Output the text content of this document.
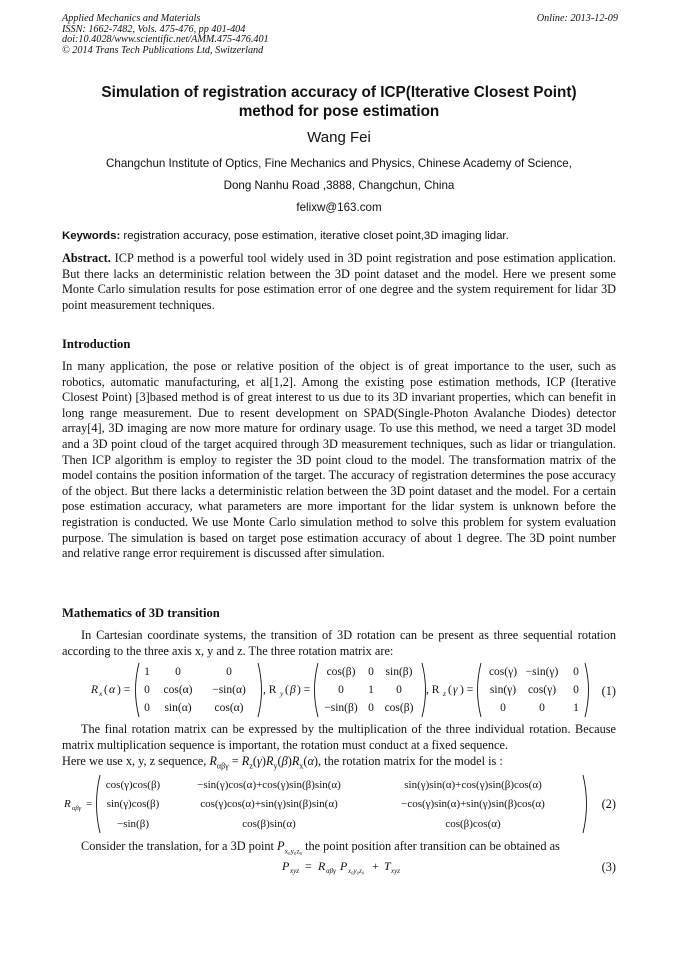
Applied Mechanics and Materials
ISSN: 1662-7482, Vols. 475-476, pp 401-404
doi:10.4028/www.scientific.net/AMM.475-476.401
© 2014 Trans Tech Publications Ltd, Switzerland
Online: 2013-12-09
Simulation of registration accuracy of ICP(Iterative Closest Point)
method for pose estimation
Wang Fei
Changchun Institute of Optics, Fine Mechanics and Physics, Chinese Academy of Science,
Dong Nanhu Road ,3888, Changchun, China
felixw@163.com
Keywords: registration accuracy, pose estimation, iterative closet point,3D imaging lidar.
Abstract. ICP method is a powerful tool widely used in 3D point registration and pose estimation application. But there lacks an deterministic relation between the 3D point dataset and the model. Here we present some Monte Carlo simulation results for pose estimation error of one degree and the system requirement for lidar 3D point measurement techniques.
Introduction
In many application, the pose or relative position of the object is of great importance to the user, such as robotics, automatic manufacturing, et al[1,2]. Among the existing pose estimation methods, ICP (Iterative Closest Point) [3]based method is of great interest to us due to its 3D invariant properties, which can benefit in long range measurement. Due to resent development on SPAD(Single-Photon Avalanche Diodes) detector array[4], 3D imaging are now more mature for ordinary usage. To use this method, we need a target 3D model and a 3D point cloud of the target acquired through 3D measurement techniques, such as lidar or triangulation. Then ICP algorithm is employ to register the 3D point cloud to the model. The transformation matrix of the model contains the position information of the target. The accuracy of registration determines the pose accuracy of the object. But there lacks a deterministic relation between the 3D point dataset and the model. For a certain pose estimation accuracy, what parameters are more important for the lidar system is unknown before the registration is conducted. We use Monte Carlo simulation method to solve this problem for system evaluation purpose. The simulation is based on target pose estimation accuracy of about 1 degree. The 3D point number and relative range error requirement is discussed after simulation.
Mathematics of 3D transition
In Cartesian coordinate systems, the transition of 3D rotation can be present as three sequential rotation according to the three axis x, y and z. The three rotation matrix are:
R x ( α ) =
1 0	0
0 cos(α) −sin(α)
0 sin(α) cos(α)
, R y ( β ) =
cos(β) 0 sin(β)
0 1 0
−sin(β) 0 cos(β)
, R z ( γ ) =
cos(γ) −sin(γ) 0
sin(γ) cos(γ) 0
0	0 1
(1)
The final rotation matrix can be expressed by the multiplication of the three individual rotation. Because matrix multiplication sequence is important, the rotation must conduct at a fixed sequence.
Here we use x, y, z sequence, $R_{\alpha\beta\gamma} = R_z(\gamma)R_y(\beta)R_x(\alpha)$, the rotation matrix for the model is :
R αβγ =
cos(γ)cos(β)	−sin(γ)cos(α)+cos(γ)sin(β)sin(α)	sin(γ)sin(α)+cos(γ)sin(β)cos(α)
sin(γ)cos(β)	cos(γ)cos(α)+sin(γ)sin(β)sin(α)	−cos(γ)sin(α)+sin(γ)sin(β)cos(α)
−sin(β)	cos(β)sin(α)	cos(β)cos(α)
(2)
Consider the translation, for a 3D point $P_{x_0y_0z_0}$ the point position after transition can be obtained as
P xyz = R αβγ P x₀y₀z₀ + T xyz	(3)
